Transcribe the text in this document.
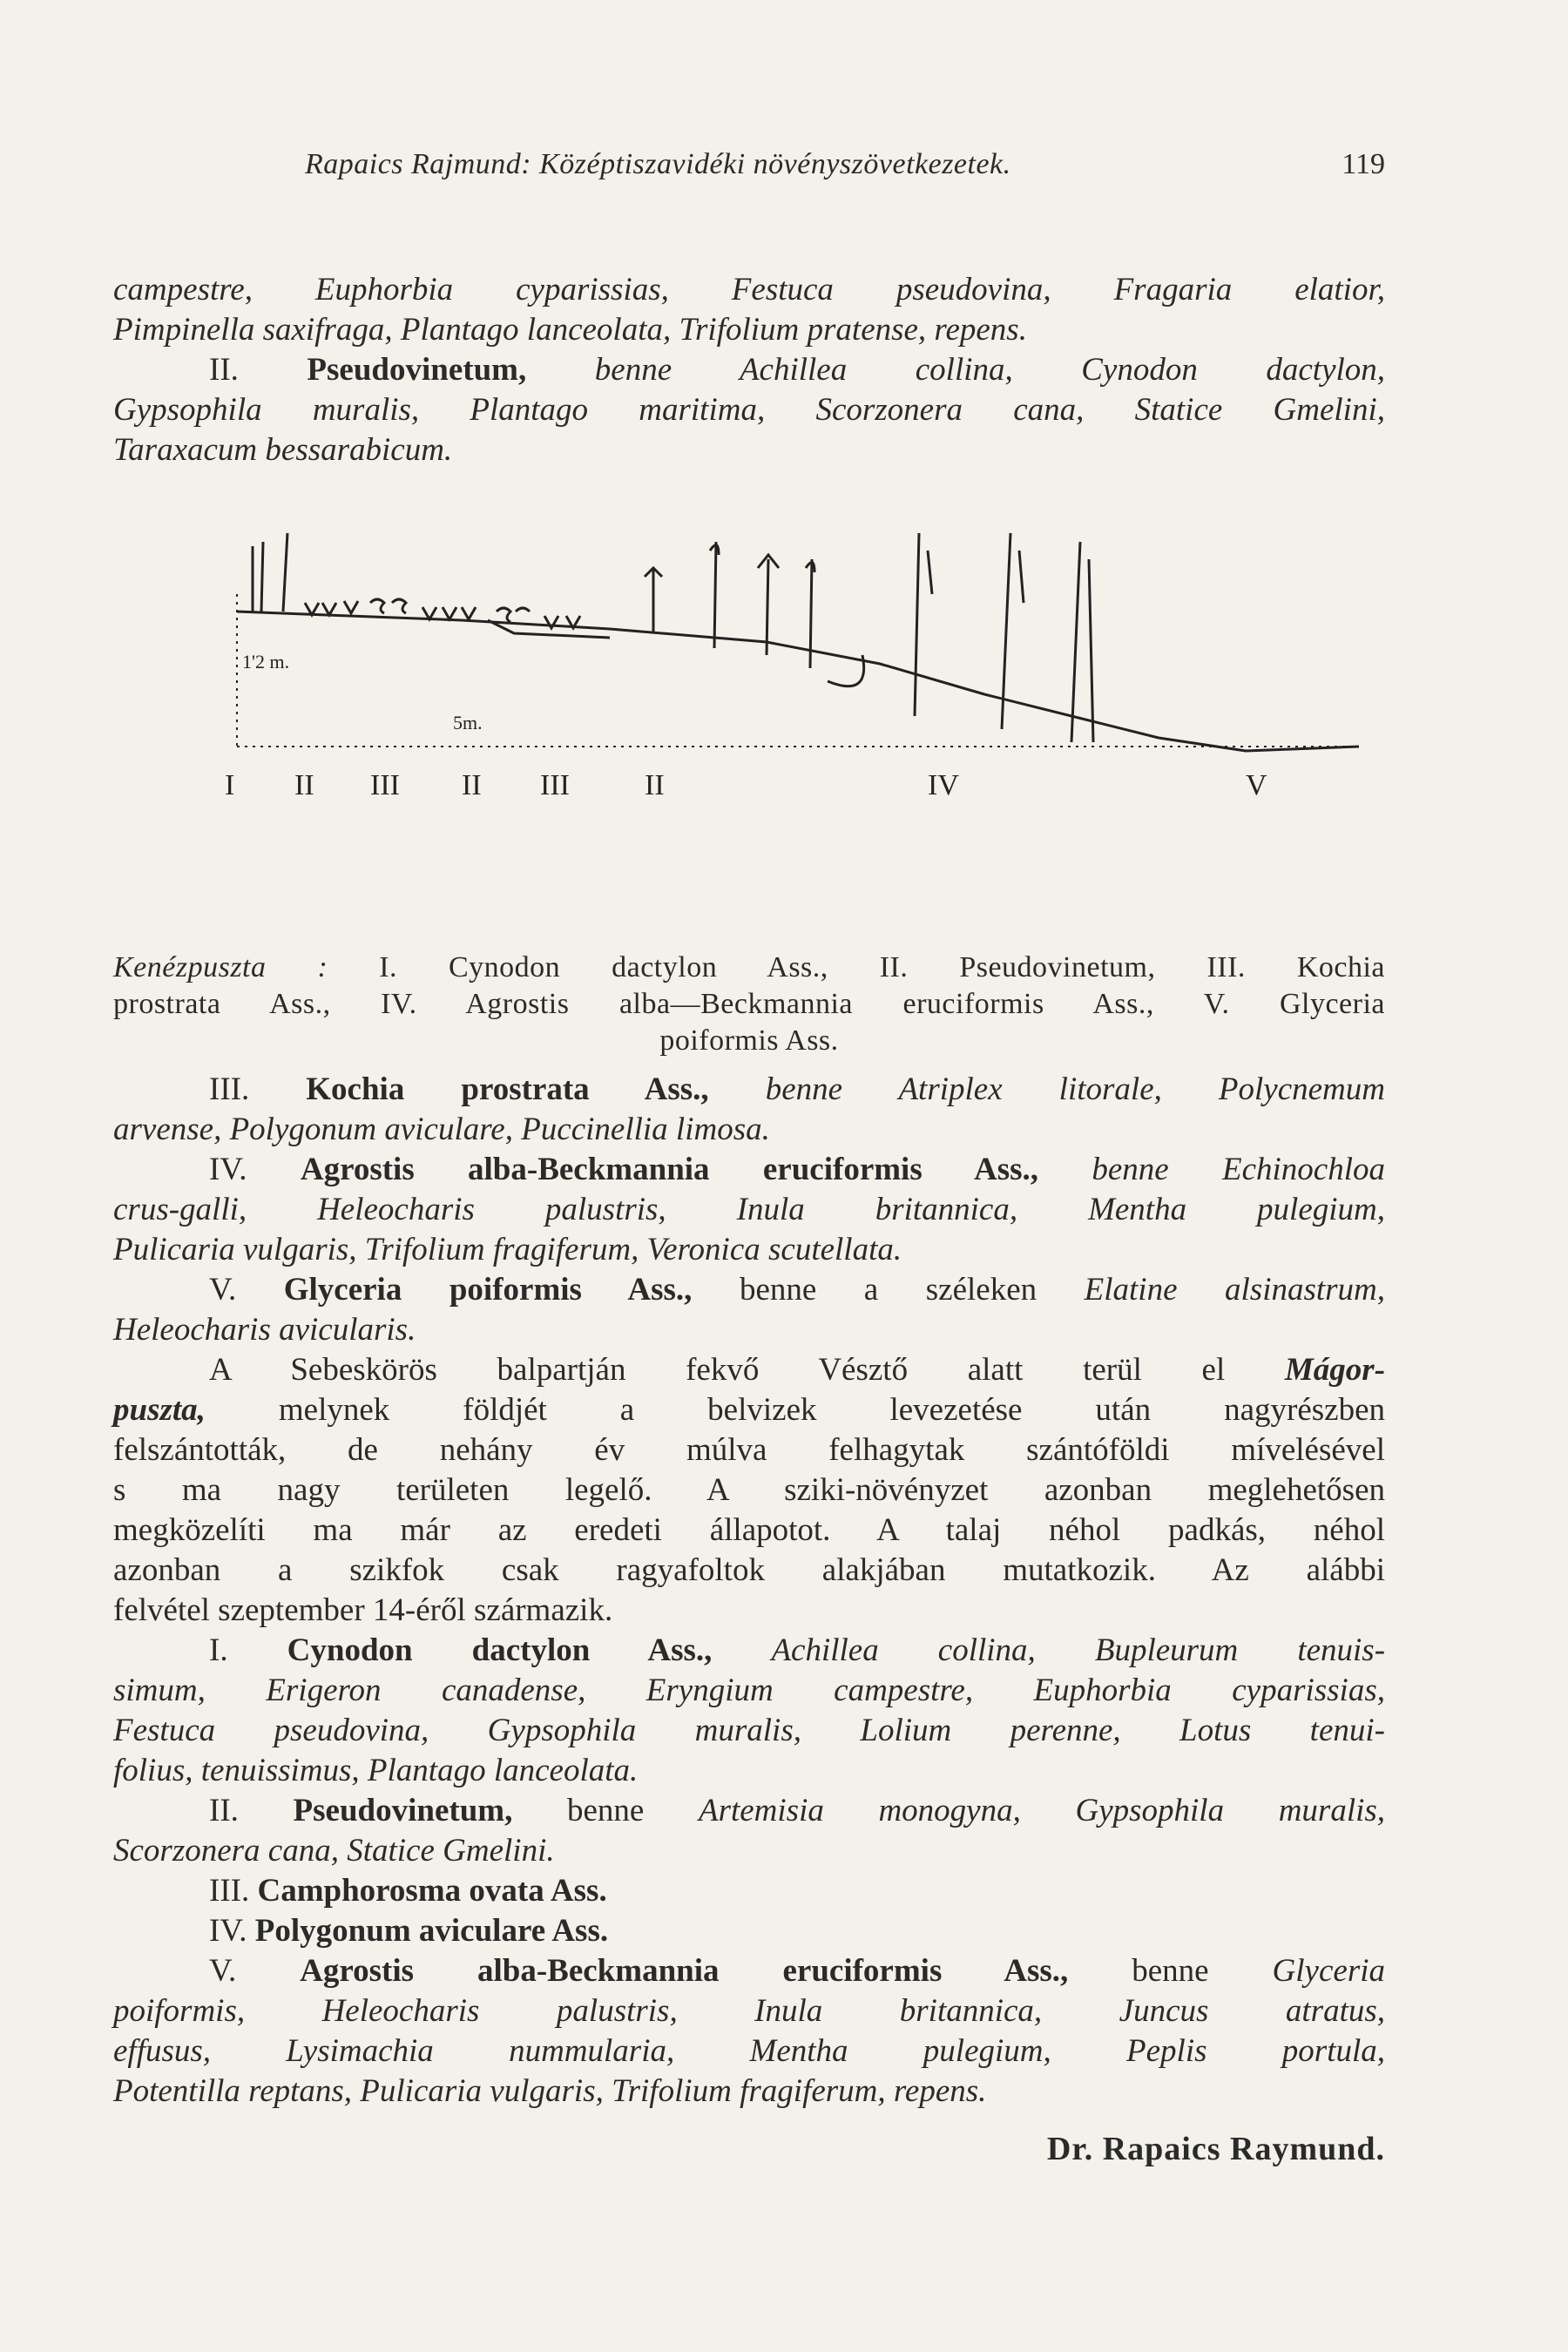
Rapaics Rajmund: Középtiszavidéki növényszövetkezetek.	119
campestre, Euphorbia cyparissias, Festuca pseudovina, Fragaria elatior,
Pimpinella saxifraga, Plantago lanceolata, Trifolium pratense, repens.
II. Pseudovinetum, benne Achillea collina, Cynodon dactylon,
Gypsophila muralis, Plantago maritima, Scorzonera cana, Statice Gmelini,
Taraxacum bessarabicum.
1'2 m.
5m.
I II III II III	II	IV	V
Kenézpuszta : I. Cynodon dactylon Ass., II. Pseudovinetum, III. Kochia
prostrata Ass., IV. Agrostis alba—Beckmannia eruciformis Ass., V. Glyceria
poiformis Ass.
III. Kochia prostrata Ass., benne Atriplex litorale, Polycnemum
arvense, Polygonum aviculare, Puccinellia limosa.
IV. Agrostis alba-Beckmannia eruciformis Ass., benne Echinochloa
crus-galli, Heleocharis palustris, Inula britannica, Mentha pulegium,
Pulicaria vulgaris, Trifolium fragiferum, Veronica scutellata.
V. Glyceria poiformis Ass., benne a széleken Elatine alsinastrum,
Heleocharis avicularis.
A Sebeskörös balpartján fekvő Vésztő alatt terül el Mágor-
puszta, melynek földjét a belvizek levezetése után nagyrészben
felszántották, de nehány év múlva felhagytak szántóföldi mívelésével
s ma nagy területen legelő. A sziki-növényzet azonban meglehetősen
megközelíti ma már az eredeti állapotot. A talaj néhol padkás, néhol
azonban a szikfok csak ragyafoltok alakjában mutatkozik. Az alábbi
felvétel szeptember 14-éről származik.
I. Cynodon dactylon Ass., Achillea collina, Bupleurum tenuis-
simum, Erigeron canadense, Eryngium campestre, Euphorbia cyparissias,
Festuca pseudovina, Gypsophila muralis, Lolium perenne, Lotus tenui-
folius, tenuissimus, Plantago lanceolata.
II. Pseudovinetum, benne Artemisia monogyna, Gypsophila muralis,
Scorzonera cana, Statice Gmelini.
III. Camphorosma ovata Ass.
IV. Polygonum aviculare Ass.
V. Agrostis alba-Beckmannia eruciformis Ass., benne Glyceria
poiformis, Heleocharis palustris, Inula britannica, Juncus atratus,
effusus, Lysimachia nummularia, Mentha pulegium, Peplis portula,
Potentilla reptans, Pulicaria vulgaris, Trifolium fragiferum, repens.
Dr. Rapaics Raymund.
